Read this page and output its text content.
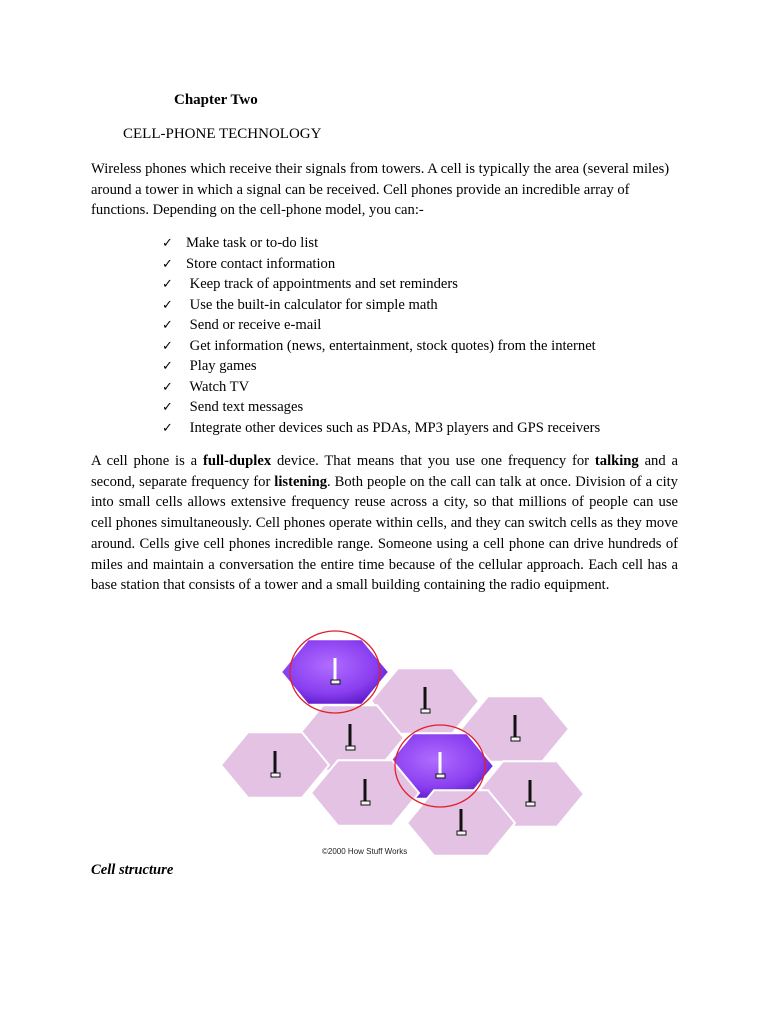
Chapter Two
CELL-PHONE TECHNOLOGY
Wireless phones which receive their signals from towers. A cell is typically the area (several miles) around a tower in which a signal can be received. Cell phones provide an incredible array of functions. Depending on the cell-phone model, you can:-
✓ Make task or to-do list
✓ Store contact information
✓ Keep track of appointments and set reminders
✓ Use the built-in calculator for simple math
✓ Send or receive e-mail
✓ Get information (news, entertainment, stock quotes) from the internet
✓ Play games
✓ Watch TV
✓ Send text messages
✓ Integrate other devices such as PDAs, MP3 players and GPS receivers
A cell phone is a full-duplex device. That means that you use one frequency for talking and a second, separate frequency for listening. Both people on the call can talk at once. Division of a city into small cells allows extensive frequency reuse across a city, so that millions of people can use cell phones simultaneously. Cell phones operate within cells, and they can switch cells as they move around. Cells give cell phones incredible range. Someone using a cell phone can drive hundreds of miles and maintain a conversation the entire time because of the cellular approach. Each cell has a base station that consists of a tower and a small building containing the radio equipment.
©2000 How Stuff Works
Cell structure
